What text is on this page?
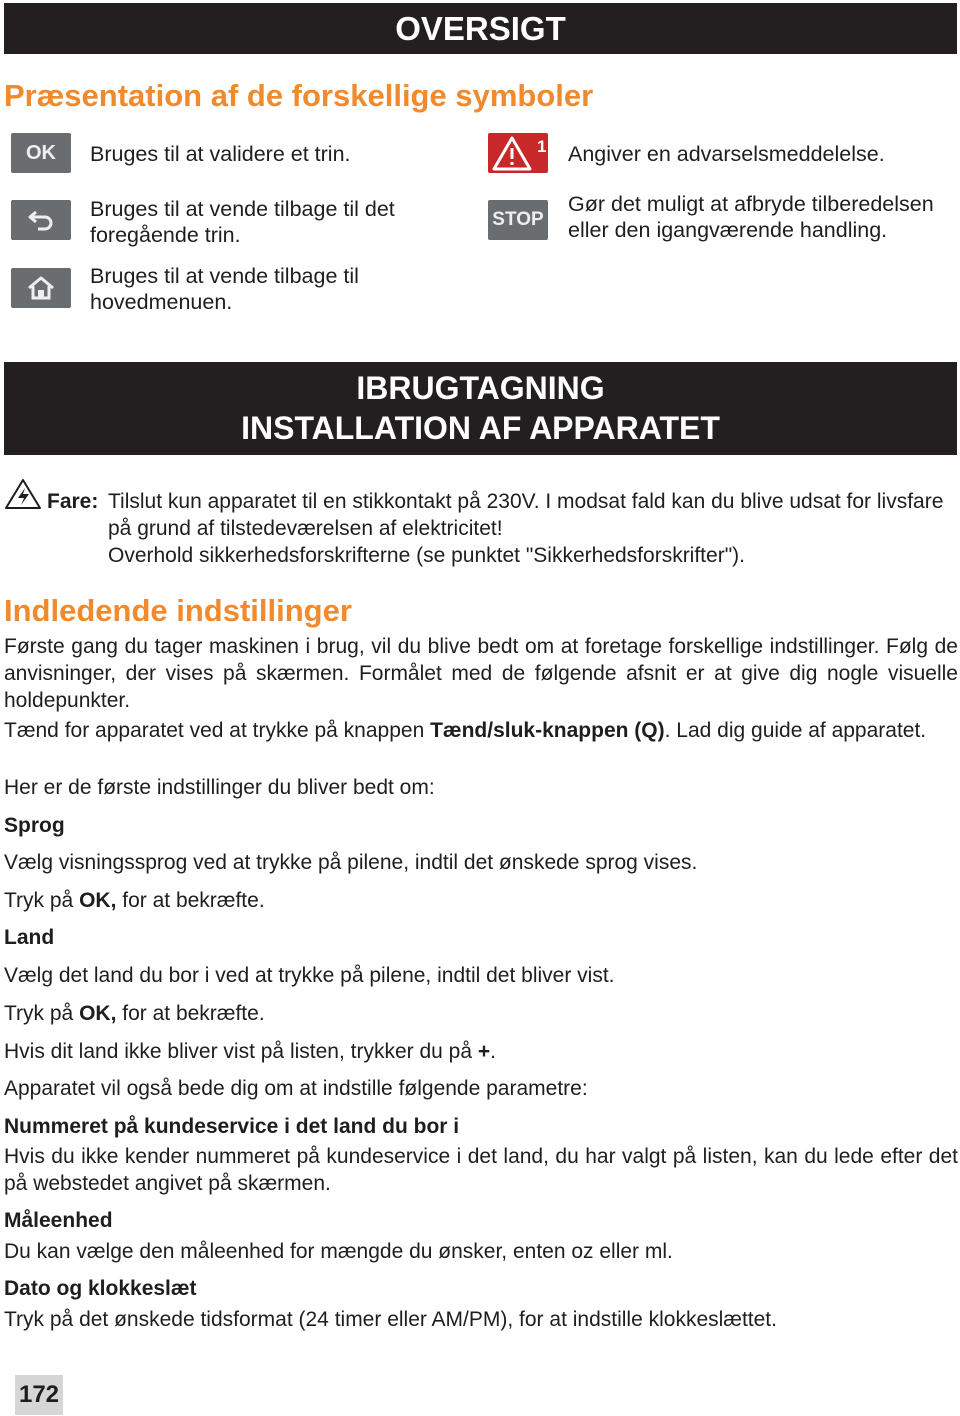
OVERSIGT
Præsentation af de forskellige symboler
OK Bruges til at validere et trin.
Bruges til at vende tilbage til det foregående trin.
Bruges til at vende tilbage til hovedmenuen.
1 Angiver en advarselsmeddelelse.
STOP
Gør det muligt at afbryde tilberedelsen eller den igangværende handling.
IBRUGTAGNING
INSTALLATION AF APPARATET
Fare: Tilslut kun apparatet til en stikkontakt på 230V. I modsat fald kan du blive udsat for livsfare på grund af tilstedeværelsen af elektricitet!
Overhold sikkerhedsforskrifterne (se punktet "Sikkerhedsforskrifter").
Indledende indstillinger
Første gang du tager maskinen i brug, vil du blive bedt om at foretage forskellige indstillinger. Følg de anvisninger, der vises på skærmen. Formålet med de følgende afsnit er at give dig nogle visuelle holdepunkter.
Tænd for apparatet ved at trykke på knappen Tænd/sluk-knappen (Q). Lad dig guide af apparatet.
Her er de første indstillinger du bliver bedt om:
Sprog
Vælg visningssprog ved at trykke på pilene, indtil det ønskede sprog vises.
Tryk på OK, for at bekræfte.
Land
Vælg det land du bor i ved at trykke på pilene, indtil det bliver vist.
Tryk på OK, for at bekræfte.
Hvis dit land ikke bliver vist på listen, trykker du på +.
Apparatet vil også bede dig om at indstille følgende parametre:
Nummeret på kundeservice i det land du bor i
Hvis du ikke kender nummeret på kundeservice i det land, du har valgt på listen, kan du lede efter det på webstedet angivet på skærmen.
Måleenhed
Du kan vælge den måleenhed for mængde du ønsker, enten oz eller ml.
Dato og klokkeslæt
Tryk på det ønskede tidsformat (24 timer eller AM/PM), for at indstille klokkeslættet.
172
